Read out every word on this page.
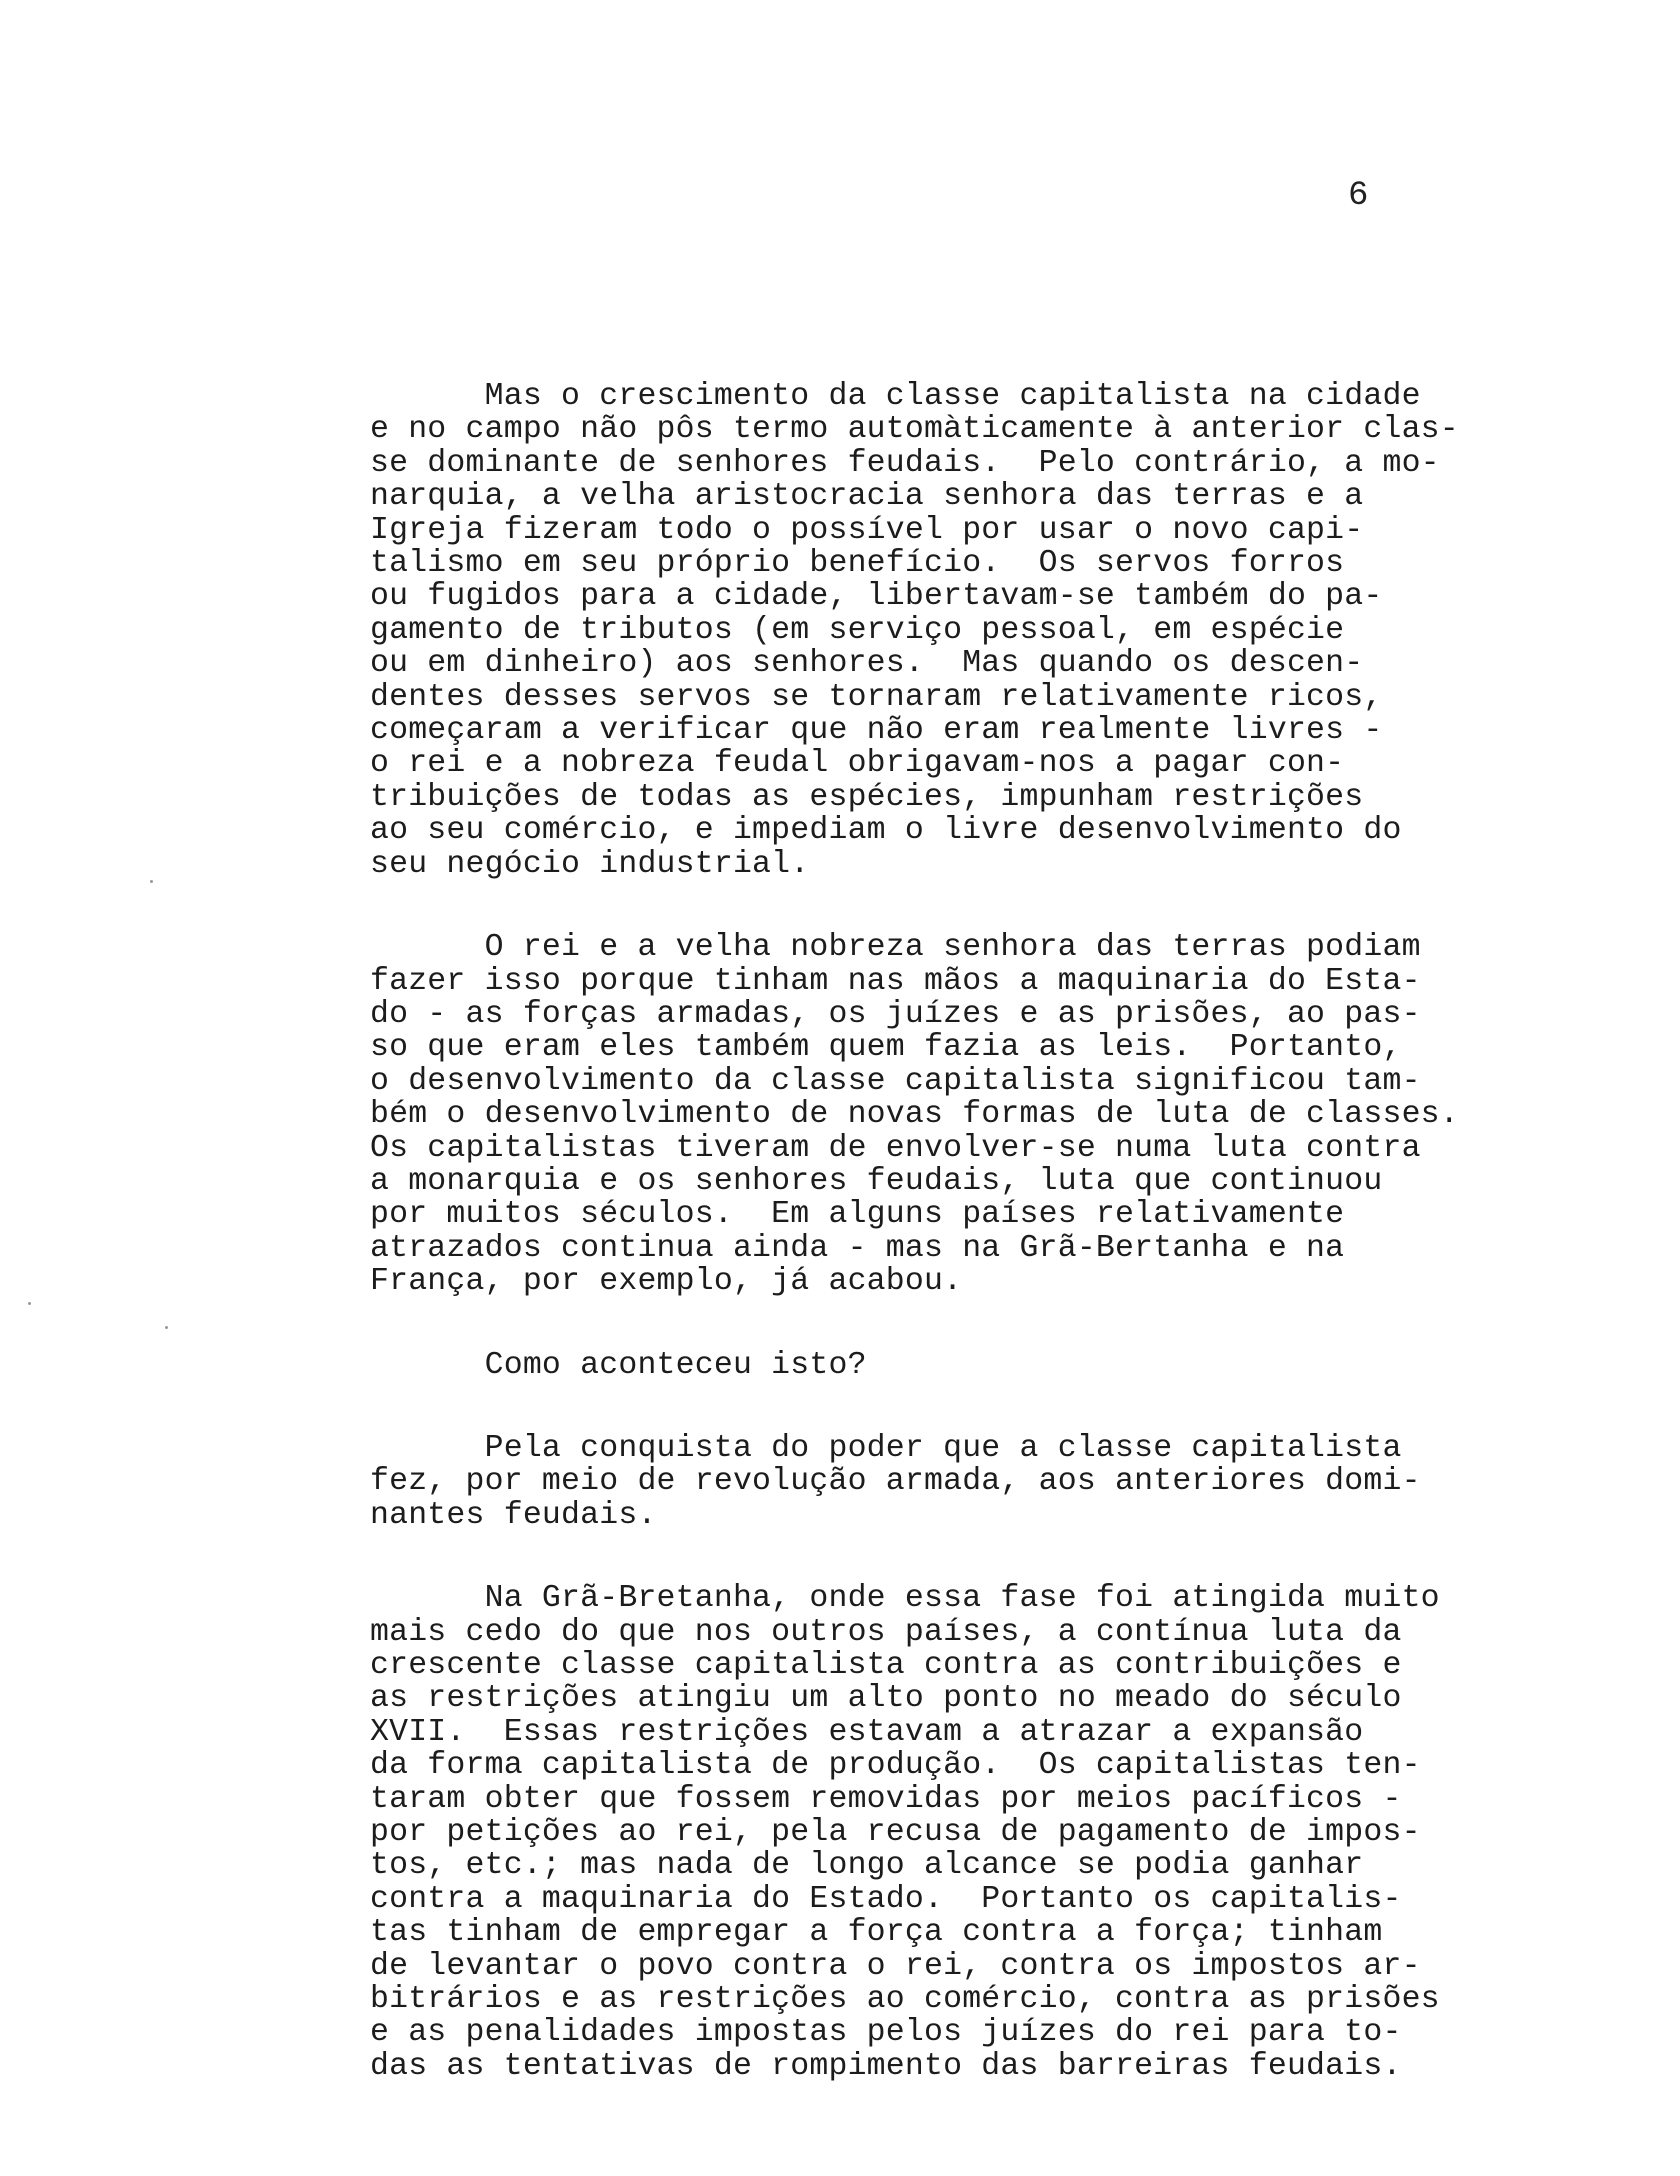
6
Mas o crescimento da classe capitalista na cidade
e no campo não pôs termo automàticamente à anterior clas-
se dominante de senhores feudais.  Pelo contrário, a mo-
narquia, a velha aristocracia senhora das terras e a
Igreja fizeram todo o possível por usar o novo capi-
talismo em seu próprio benefício.  Os servos forros
ou fugidos para a cidade, libertavam-se também do pa-
gamento de tributos (em serviço pessoal, em espécie
ou em dinheiro) aos senhores.  Mas quando os descen-
dentes desses servos se tornaram relativamente ricos,
começaram a verificar que não eram realmente livres -
o rei e a nobreza feudal obrigavam-nos a pagar con-
tribuições de todas as espécies, impunham restrições
ao seu comércio, e impediam o livre desenvolvimento do
seu negócio industrial.
O rei e a velha nobreza senhora das terras podiam
fazer isso porque tinham nas mãos a maquinaria do Esta-
do - as forças armadas, os juízes e as prisões, ao pas-
so que eram eles também quem fazia as leis.  Portanto,
o desenvolvimento da classe capitalista significou tam-
bém o desenvolvimento de novas formas de luta de classes.
Os capitalistas tiveram de envolver-se numa luta contra
a monarquia e os senhores feudais, luta que continuou
por muitos séculos.  Em alguns países relativamente
atrazados continua ainda - mas na Grã-Bertanha e na
França, por exemplo, já acabou.
Como aconteceu isto?
Pela conquista do poder que a classe capitalista
fez, por meio de revolução armada, aos anteriores domi-
nantes feudais.
Na Grã-Bretanha, onde essa fase foi atingida muito
mais cedo do que nos outros países, a contínua luta da
crescente classe capitalista contra as contribuições e
as restrições atingiu um alto ponto no meado do século
XVII.  Essas restrições estavam a atrazar a expansão
da forma capitalista de produção.  Os capitalistas ten-
taram obter que fossem removidas por meios pacíficos -
por petições ao rei, pela recusa de pagamento de impos-
tos, etc.; mas nada de longo alcance se podia ganhar
contra a maquinaria do Estado.  Portanto os capitalis-
tas tinham de empregar a força contra a força; tinham
de levantar o povo contra o rei, contra os impostos ar-
bitrários e as restrições ao comércio, contra as prisões
e as penalidades impostas pelos juízes do rei para to-
das as tentativas de rompimento das barreiras feudais.
